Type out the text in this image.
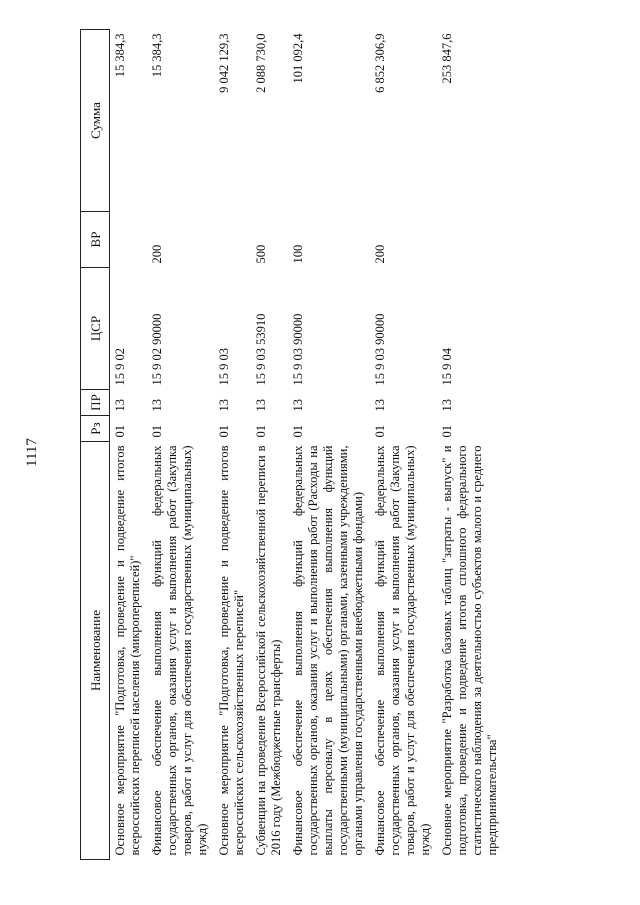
1117
Наименование	Рз	ПР	ЦСР	ВР	Сумма
Основное мероприятие "Подготовка, проведение и подведение итогов всероссийских переписей населения (микропереписей)"	01	13	15 9 02		15 384,3
Финансовое обеспечение выполнения функций федеральных государственных органов, оказания услуг и выполнения работ (Закупка товаров, работ и услуг для обеспечения государственных (муниципальных) нужд)	01	13	15 9 02 90000	200	15 384,3
Основное мероприятие "Подготовка, проведение и подведение итогов всероссийских сельскохозяйственных переписей"	01	13	15 9 03		9 042 129,3
Субвенции на проведение Всероссийской сельскохозяйственной переписи в 2016 году (Межбюджетные трансферты)	01	13	15 9 03 53910	500	2 088 730,0
Финансовое обеспечение выполнения функций федеральных государственных органов, оказания услуг и выполнения работ (Расходы на выплаты персоналу в целях обеспечения выполнения функций государственными (муниципальными) органами, казенными учреждениями, органами управления государственными внебюджетными фондами)	01	13	15 9 03 90000	100	101 092,4
Финансовое обеспечение выполнения функций федеральных государственных органов, оказания услуг и выполнения работ (Закупка товаров, работ и услуг для обеспечения государственных (муниципальных) нужд)	01	13	15 9 03 90000	200	6 852 306,9
Основное мероприятие "Разработка базовых таблиц "затраты - выпуск" и подготовка, проведение и подведение итогов сплошного федерального статистического наблюдения за деятельностью субъектов малого и среднего предпринимательства"	01	13	15 9 04		253 847,6
